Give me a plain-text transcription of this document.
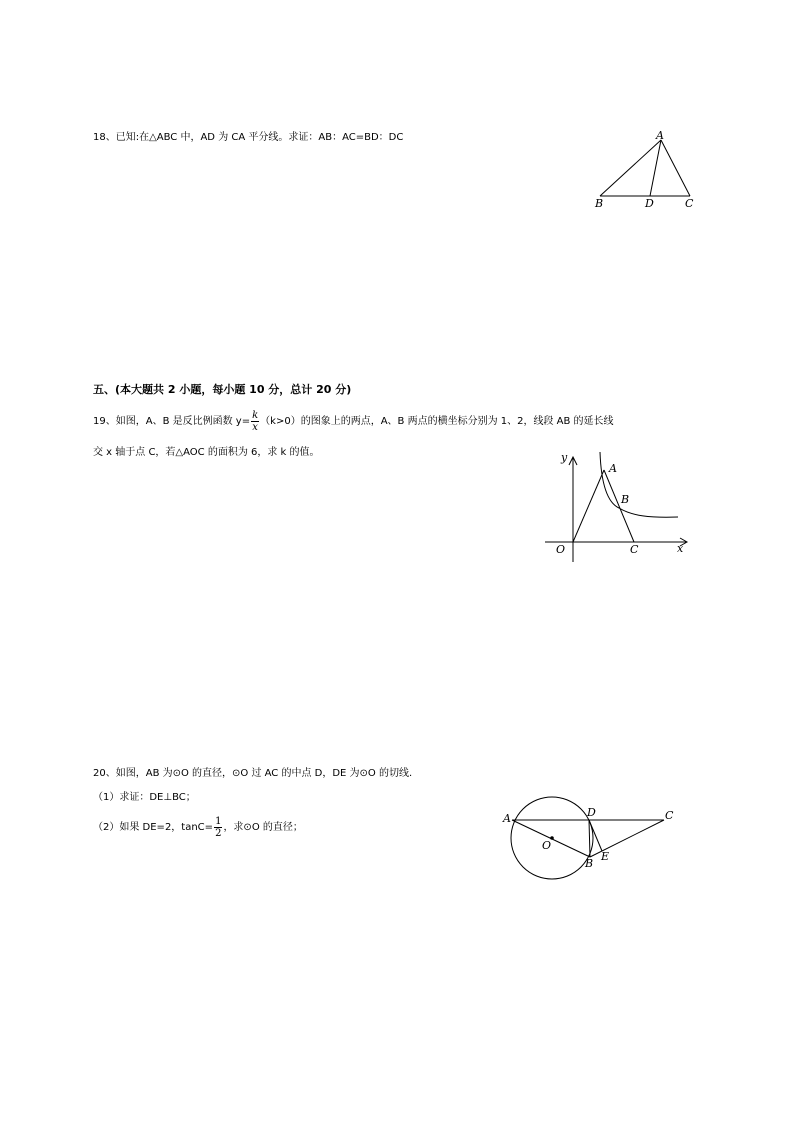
18、已知:在△ABC 中，AD 为 CA 平分线。求证：AB：AC=BD：DC
五、(本大题共 2 小题，每小题 10 分，总计 20 分)
19、如图，A、B 是反比例函数 $y= \frac{k}{x} (k>0)$的图象上的两点，A、B 两点的横坐标分别为 1、2，线段 AB 的延长线
交 x 轴于点 C，若△AOC 的面积为 6，求 k 的值。
20、如图，AB 为⊙O 的直径，⊙O 过 AC 的中点 D，DE 为⊙O 的切线.
（1）求证：DE⊥BC；
（2）如果 DE=2，$\tan C= \frac{1}{2}$ ，求⊙O 的直径；
A
B	D	C
y
A
B
O	C	x
A	D	C
O
B
E
